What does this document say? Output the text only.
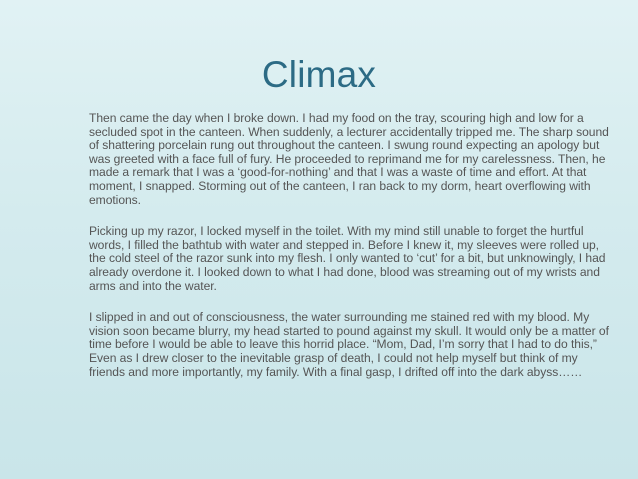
Climax
Then came the day when I broke down. I had my food on the tray, scouring high and low for a secluded spot in the canteen. When suddenly, a lecturer accidentally tripped me. The sharp sound of shattering porcelain rung out throughout the canteen. I swung round expecting an apology but was greeted with a face full of fury. He proceeded to reprimand me for my carelessness. Then, he made a remark that I was a ‘good-for-nothing’ and that I was a waste of time and effort. At that moment, I snapped. Storming out of the canteen, I ran back to my dorm, heart overflowing with emotions.
Picking up my razor, I locked myself in the toilet. With my mind still unable to forget the hurtful words, I filled the bathtub with water and stepped in. Before I knew it, my sleeves were rolled up, the cold steel of the razor sunk into my flesh. I only wanted to ‘cut’ for a bit, but unknowingly, I had already overdone it. I looked down to what I had done, blood was streaming out of my wrists and arms and into the water.
I slipped in and out of consciousness, the water surrounding me stained red with my blood. My vision soon became blurry, my head started to pound against my skull. It would only be a matter of time before I would be able to leave this horrid place. “Mom, Dad, I’m sorry that I had to do this,” Even as I drew closer to the inevitable grasp of death, I could not help myself but think of my friends and more importantly, my family. With a final gasp, I drifted off into the dark abyss……
